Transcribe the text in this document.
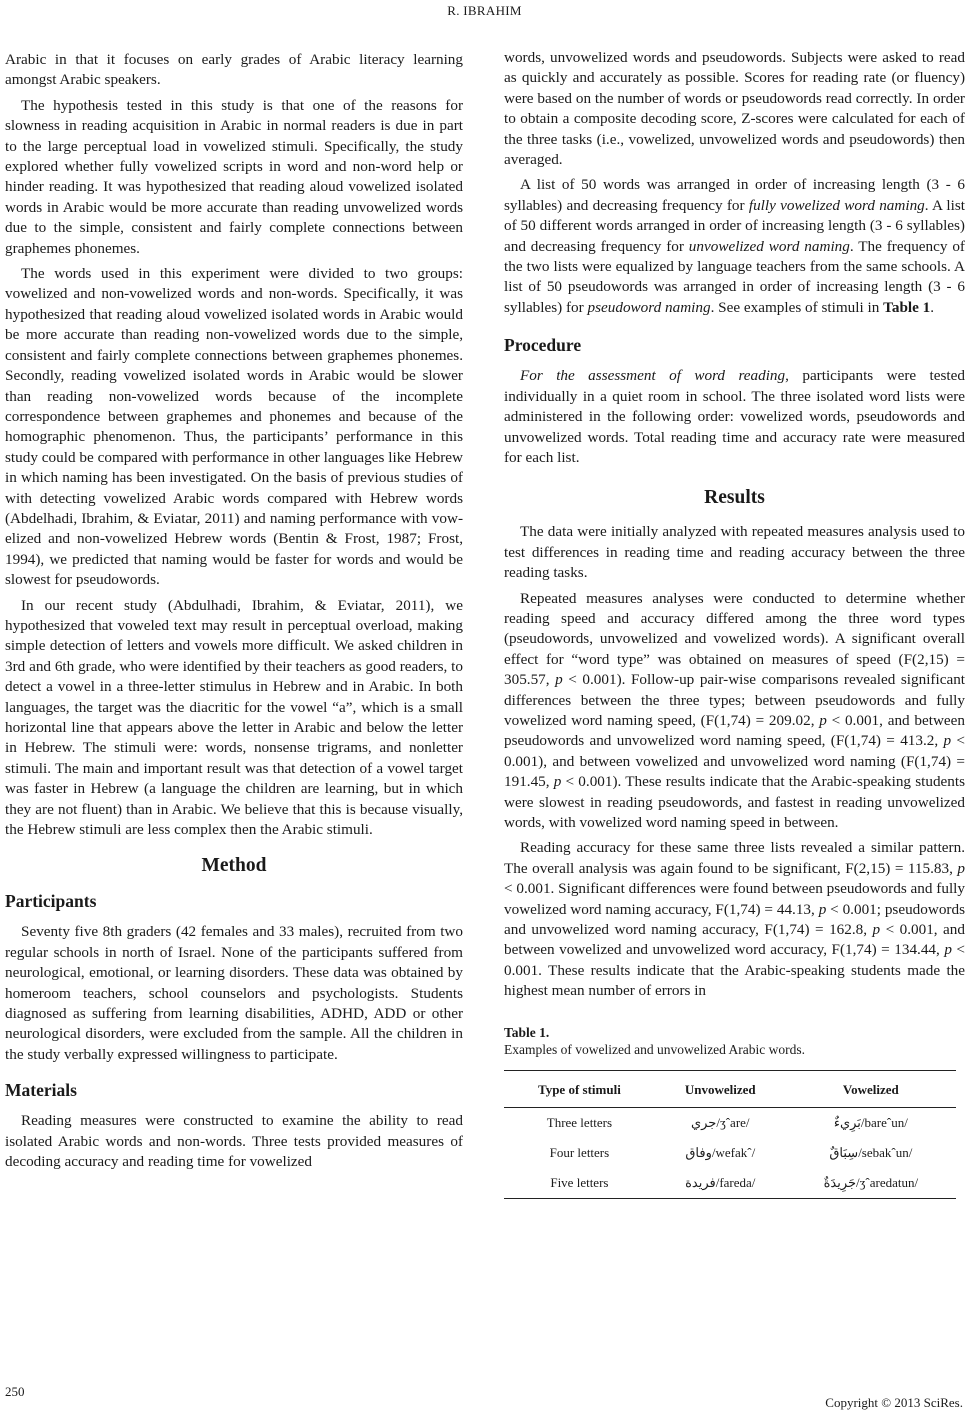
R. IBRAHIM

Arabic in that it focuses on early grades of Arabic literacy learning amongst Arabic speakers.

The hypothesis tested in this study is that one of the reasons for slowness in reading acquisition in Arabic in normal readers is due in part to the large perceptual load in vowelized stimuli. Specifically, the study explored whether fully vowelized scripts in word and non-word help or hinder reading. It was hypothesized that reading aloud vowelized isolated words in Arabic would be more accurate than reading unvowelized words due to the simple, consistent and fairly complete connections between graphemes phonemes.

The words used in this experiment were divided to two groups: vowelized and non-vowelized words and non-words. Specifically, it was hypothesized that reading aloud vowelized isolated words in Arabic would be more accurate than reading non-vowelized words due to the simple, consistent and fairly complete connections between graphemes phonemes. Secondly, reading vowelized isolated words in Arabic would be slower than reading non-vowelized words because of the incomplete correspondence between graphemes and phonemes and because of the homographic phenomenon. Thus, the participants’ performance in this study could be compared with performance in other languages like Hebrew in which naming has been investigated. On the basis of previous studies of with detecting vowelized Arabic words compared with Hebrew words (Abdelhadi, Ibrahim, & Eviatar, 2011) and naming performance with vowelized and non-vowelized Hebrew words (Bentin & Frost, 1987; Frost, 1994), we predicted that naming would be faster for words and would be slowest for pseudowords.

In our recent study (Abdulhadi, Ibrahim, & Eviatar, 2011), we hypothesized that voweled text may result in perceptual overload, making simple detection of letters and vowels more difficult. We asked children in 3rd and 6th grade, who were identified by their teachers as good readers, to detect a vowel in a three-letter stimulus in Hebrew and in Arabic. In both languages, the target was the diacritic for the vowel “a”, which is a small horizontal line that appears above the letter in Arabic and below the letter in Hebrew. The stimuli were: words, nonsense trigrams, and nonletter stimuli. The main and important result was that detection of a vowel target was faster in Hebrew (a language the children are learning, but in which they are not fluent) than in Arabic. We believe that this is because visually, the Hebrew stimuli are less complex then the Arabic stimuli.

Method
Participants

Seventy five 8th graders (42 females and 33 males), recruited from two regular schools in north of Israel. None of the participants suffered from neurological, emotional, or learning disorders. These data was obtained by homeroom teachers, school counselors and psychologists. Students diagnosed as suffering from learning disabilities, ADHD, ADD or other neurological disorders, were excluded from the sample. All the children in the study verbally expressed willingness to participate.

Materials

Reading measures were constructed to examine the ability to read isolated Arabic words and non-words. Three tests provided measures of decoding accuracy and reading time for vowelized

words, unvowelized words and pseudowords. Subjects were asked to read as quickly and accurately as possible. Scores for reading rate (or fluency) were based on the number of words or pseudowords read correctly. In order to obtain a composite decoding score, Z-scores were calculated for each of the three tasks (i.e., vowelized, unvowelized words and pseudowords) then averaged.

A list of 50 words was arranged in order of increasing length (3 - 6 syllables) and decreasing frequency for fully vowelized word naming. A list of 50 different words arranged in order of increasing length (3 - 6 syllables) and decreasing frequency for unvowelized word naming. The frequency of the two lists were equalized by language teachers from the same schools. A list of 50 pseudowords was arranged in order of increasing length (3 - 6 syllables) for pseudoword naming. See examples of stimuli in Table 1.

Procedure

For the assessment of word reading, participants were tested individually in a quiet room in school. The three isolated word lists were administered in the following order: vowelized words, pseudowords and unvowelized words. Total reading time and accuracy rate were measured for each list.

Results

The data were initially analyzed with repeated measures analysis used to test differences in reading time and reading accuracy between the three reading tasks.

Repeated measures analyses were conducted to determine whether reading speed and accuracy differed among the three word types (pseudowords, unvowelized and vowelized words). A significant overall effect for “word type” was obtained on measures of speed (F(2,15) = 305.57, p < 0.001). Follow-up pair-wise comparisons revealed significant differences between the three types; between pseudowords and fully vowelized word naming speed, (F(1,74) = 209.02, p < 0.001, and between pseudowords and unvowelized word naming speed, (F(1,74) = 413.2, p < 0.001), and between vowelized and unvowelized word naming (F(1,74) = 191.45, p < 0.001). These results indicate that the Arabic-speaking students were slowest in reading pseudowords, and fastest in reading unvowelized words, with vowelized word naming speed in between.

Reading accuracy for these same three lists revealed a similar pattern. The overall analysis was again found to be significant, F(2,15) = 115.83, p < 0.001. Significant differences were found between pseudowords and fully vowelized word naming accuracy, F(1,74) = 44.13, p < 0.001; pseudowords and unvowelized word naming accuracy, F(1,74) = 162.8, p < 0.001, and between vowelized and unvowelized word accuracy, F(1,74) = 134.44, p < 0.001. These results indicate that the Arabic-speaking students made the highest mean number of errors in

Table 1.
Examples of vowelized and unvowelized Arabic words.
Type of stimuli	Unvowelized	Vowelized
Three letters	جري/ʒˆare/	بَرِيءٌ/bareˆun/
Four letters	وفاق/wefakˆ/	سِبَاقٌ/sebakˆun/
Five letters	فريدة/fareda/	جَرِيدَةٌ/ʒˆaredatun/
250
Copyright © 2013 SciRes.
